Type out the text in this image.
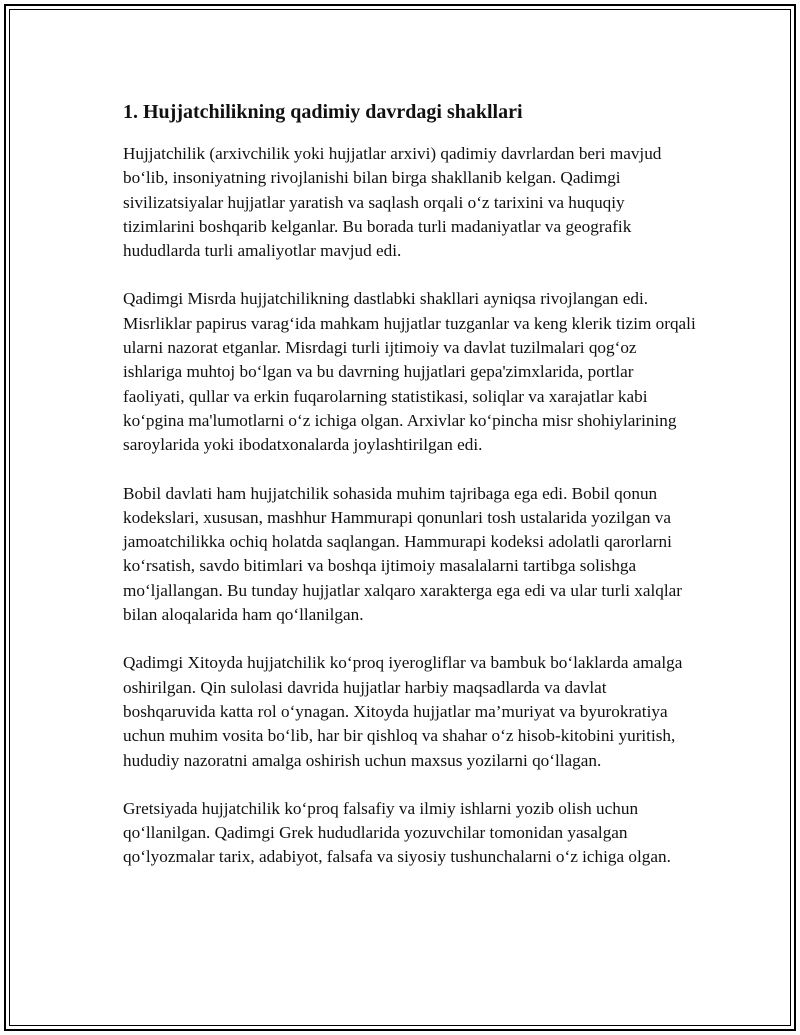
1. Hujjatchilikning qadimiy davrdagi shakllari

Hujjatchilik (arxivchilik yoki hujjatlar arxivi) qadimiy davrlardan beri mavjud bo‘lib, insoniyatning rivojlanishi bilan birga shakllanib kelgan. Qadimgi sivilizatsiyalar hujjatlar yaratish va saqlash orqali o‘z tarixini va huquqiy tizimlarini boshqarib kelganlar. Bu borada turli madaniyatlar va geografik hududlarda turli amaliyotlar mavjud edi.

Qadimgi Misrda hujjatchilikning dastlabki shakllari ayniqsa rivojlangan edi. Misrliklar papirus varag‘ida mahkam hujjatlar tuzganlar va keng klerik tizim orqali ularni nazorat etganlar. Misrdagi turli ijtimoiy va davlat tuzilmalari qog‘oz ishlariga muhtoj bo‘lgan va bu davrning hujjatlari gepa'zimxlarida, portlar faoliyati, qullar va erkin fuqarolarning statistikasi, soliqlar va xarajatlar kabi ko‘pgina ma'lumotlarni o‘z ichiga olgan. Arxivlar ko‘pincha misr shohiylarining saroylarida yoki ibodatxonalarda joylashtirilgan edi.

Bobil davlati ham hujjatchilik sohasida muhim tajribaga ega edi. Bobil qonun kodekslari, xususan, mashhur Hammurapi qonunlari tosh ustalarida yozilgan va jamoatchilikka ochiq holatda saqlangan. Hammurapi kodeksi adolatli qarorlarni ko‘rsatish, savdo bitimlari va boshqa ijtimoiy masalalarni tartibga solishga mo‘ljallangan. Bu tunday hujjatlar xalqaro xarakterga ega edi va ular turli xalqlar bilan aloqalarida ham qo‘llanilgan.

Qadimgi Xitoyda hujjatchilik ko‘proq iyerogliflar va bambuk bo‘laklarda amalga oshirilgan. Qin sulolasi davrida hujjatlar harbiy maqsadlarda va davlat boshqaruvida katta rol o‘ynagan. Xitoyda hujjatlar ma’muriyat va byurokratiya uchun muhim vosita bo‘lib, har bir qishloq va shahar o‘z hisob-kitobini yuritish, hududiy nazoratni amalga oshirish uchun maxsus yozilarni qo‘llagan.

Gretsiyada hujjatchilik ko‘proq falsafiy va ilmiy ishlarni yozib olish uchun qo‘llanilgan. Qadimgi Grek hududlarida yozuvchilar tomonidan yasalgan qo‘lyozmalar tarix, adabiyot, falsafa va siyosiy tushunchalarni o‘z ichiga olgan.
